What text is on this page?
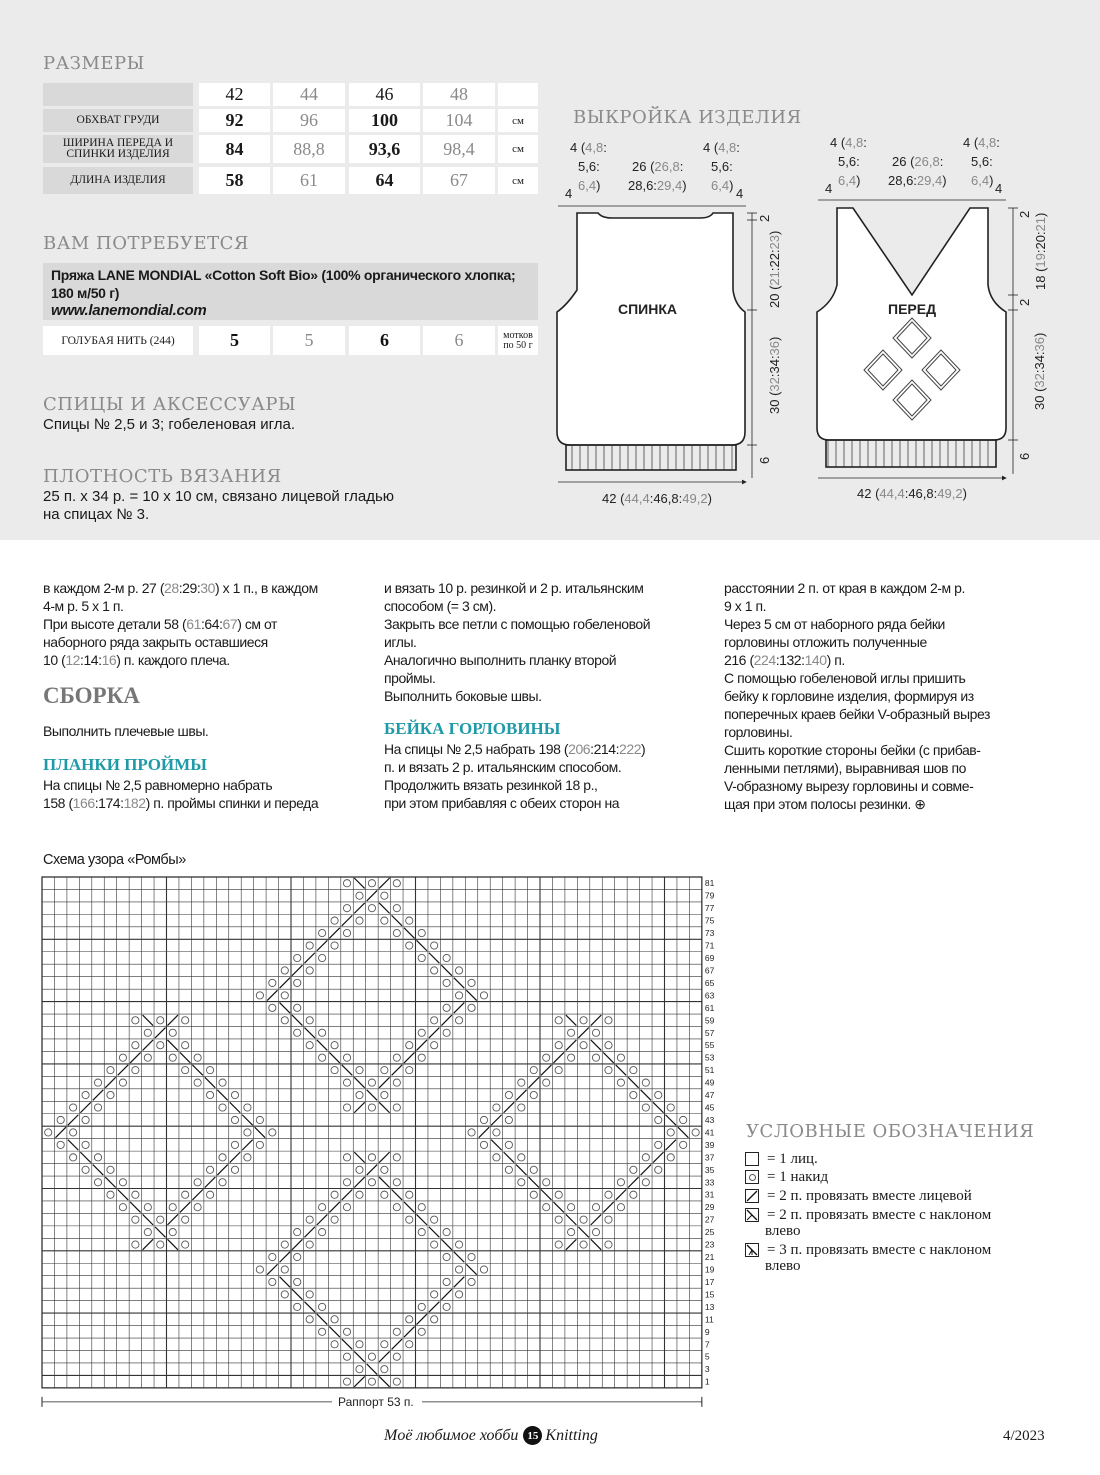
РАЗМЕРЫ
42	44	46	48
ОБХВАТ ГРУДИ	92	96	100	104	см
ШИРИНА ПЕРЕДА И СПИНКИ ИЗДЕЛИЯ	84	88,8	93,6	98,4	см
ДЛИНА ИЗДЕЛИЯ	58	61	64	67	см
ВАМ ПОТРЕБУЕТСЯ
Пряжа LANE MONDIAL «Cotton Soft Bio» (100% органического хлопка;
180 м/50 г)
www.lanemondial.com
ГОЛУБАЯ НИТЬ (244)	5	5	6	6	мотков по 50 г
СПИЦЫ И АКСЕССУАРЫ
Спицы № 2,5 и 3; гобеленовая игла.
ПЛОТНОСТЬ ВЯЗАНИЯ
25 п. х 34 р. = 10 х 10 см, связано лицевой гладью
на спицах № 3.
ВЫКРОЙКА ИЗДЕЛИЯ
СПИНКА	ПЕРЕД
4 (4,8:
5,6:
6,4)
4 (4,8:
5,6:
6,4)
26 (26,8:
28,6:29,4)
4 (4,8:
5,6:
6,4)
4 (4,8:
5,6:
6,4)
26 (26,8:
28,6:29,4)
4	4	4	4
42 (44,4:46,8:49,2)	42 (44,4:46,8:49,2)
2
20 (21:22:23)
30 (32:34:36)
6
2
18 (19:20:21)
2
30 (32:34:36)
6
в каждом 2-м р. 27 (28:29:30) х 1 п., в каждом
4-м р. 5 х 1 п.
При высоте детали 58 (61:64:67) см от
наборного ряда закрыть оставшиеся
10 (12:14:16) п. каждого плеча.
СБОРКА
Выполнить плечевые швы.
ПЛАНКИ ПРОЙМЫ
На спицы № 2,5 равномерно набрать
158 (166:174:182) п. проймы спинки и переда
и вязать 10 р. резинкой и 2 р. итальянским
способом (= 3 см).
Закрыть все петли с помощью гобеленовой
иглы.
Аналогично выполнить планку второй
проймы.
Выполнить боковые швы.
БЕЙКА ГОРЛОВИНЫ
На спицы № 2,5 набрать 198 (206:214:222)
п. и вязать 2 р. итальянским способом.
Продолжить вязать резинкой 18 р.,
при этом прибавляя с обеих сторон на
расстоянии 2 п. от края в каждом 2-м р.
9 х 1 п.
Через 5 см от наборного ряда бейки
горловины отложить полученные
216 (224:132:140) п.
С помощью гобеленовой иглы пришить
бейку к горловине изделия, формируя из
поперечных краев бейки V-образный вырез
горловины.
Сшить короткие стороны бейки (с прибав-
ленными петлями), выравнивая шов по
V-образному вырезу горловины и совме-
щая при этом полосы резинки. ⊕
Схема узора «Ромбы»
1
3
5
7
9
11
13
15
17
19
21
23
25
27
29
31
33
35
37
39
41
43
45
47
49
51
53
55
57
59
61
63
65
67
69
71
73
75
77
79
81
Раппорт 53 п.
УСЛОВНЫЕ ОБОЗНАЧЕНИЯ
= 1 лиц.
= 1 накид
= 2 п. провязать вместе лицевой
= 2 п. провязать вместе с наклоном
влево
= 3 п. провязать вместе с наклоном
влево
Moё любимое хобби 15 Knitting	4/2023
